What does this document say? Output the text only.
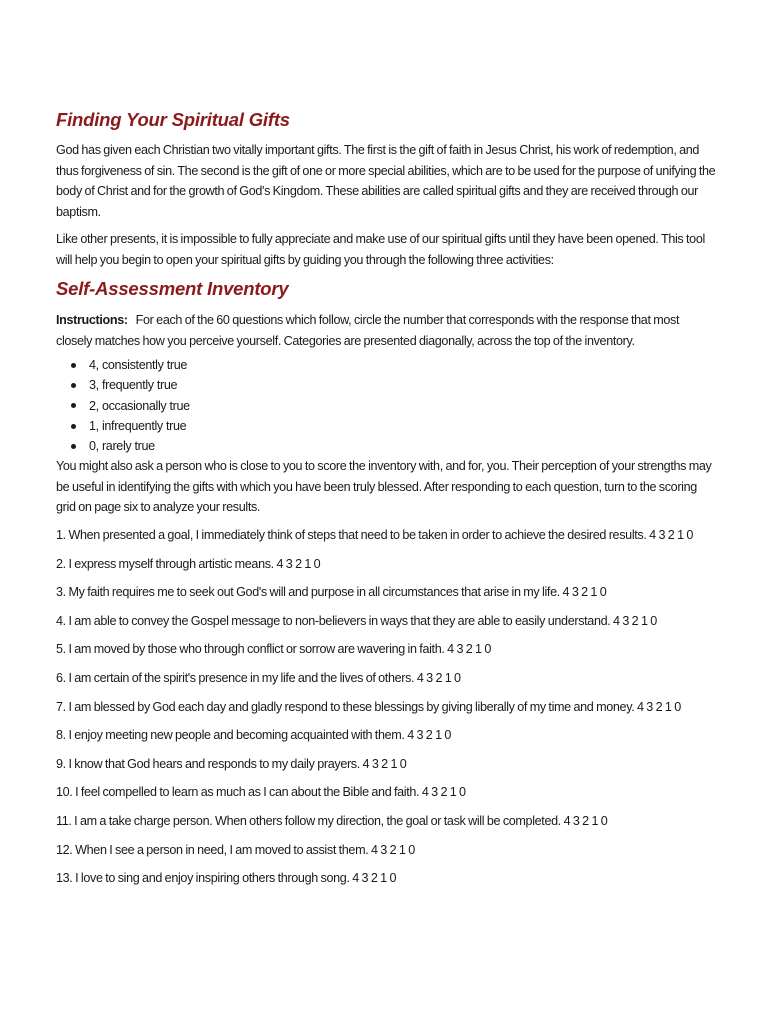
Finding Your Spiritual Gifts

God has given each Christian two vitally important gifts. The first is the gift of faith in Jesus Christ, his work of redemption, and thus forgiveness of sin. The second is the gift of one or more special abilities, which are to be used for the purpose of unifying the body of Christ and for the growth of God's Kingdom. These abilities are called spiritual gifts and they are received through our baptism.

Like other presents, it is impossible to fully appreciate and make use of our spiritual gifts until they have been opened. This tool will help you begin to open your spiritual gifts by guiding you through the following three activities:

Self-Assessment Inventory

Instructions: For each of the 60 questions which follow, circle the number that corresponds with the response that most closely matches how you perceive yourself. Categories are presented diagonally, across the top of the inventory.

4, consistently true
3, frequently true
2, occasionally true
1, infrequently true
0, rarely true

You might also ask a person who is close to you to score the inventory with, and for, you. Their perception of your strengths may be useful in identifying the gifts with which you have been truly blessed. After responding to each question, turn to the scoring grid on page six to analyze your results.

1. When presented a goal, I immediately think of steps that need to be taken in order to achieve the desired results. 4 3 2 1 0
2. I express myself through artistic means. 4 3 2 1 0
3. My faith requires me to seek out God's will and purpose in all circumstances that arise in my life. 4 3 2 1 0
4. I am able to convey the Gospel message to non-believers in ways that they are able to easily understand. 4 3 2 1 0
5. I am moved by those who through conflict or sorrow are wavering in faith. 4 3 2 1 0
6. I am certain of the spirit's presence in my life and the lives of others. 4 3 2 1 0
7. I am blessed by God each day and gladly respond to these blessings by giving liberally of my time and money. 4 3 2 1 0
8. I enjoy meeting new people and becoming acquainted with them. 4 3 2 1 0
9. I know that God hears and responds to my daily prayers. 4 3 2 1 0
10. I feel compelled to learn as much as I can about the Bible and faith. 4 3 2 1 0
11. I am a take charge person. When others follow my direction, the goal or task will be completed. 4 3 2 1 0
12. When I see a person in need, I am moved to assist them. 4 3 2 1 0
13. I love to sing and enjoy inspiring others through song. 4 3 2 1 0
